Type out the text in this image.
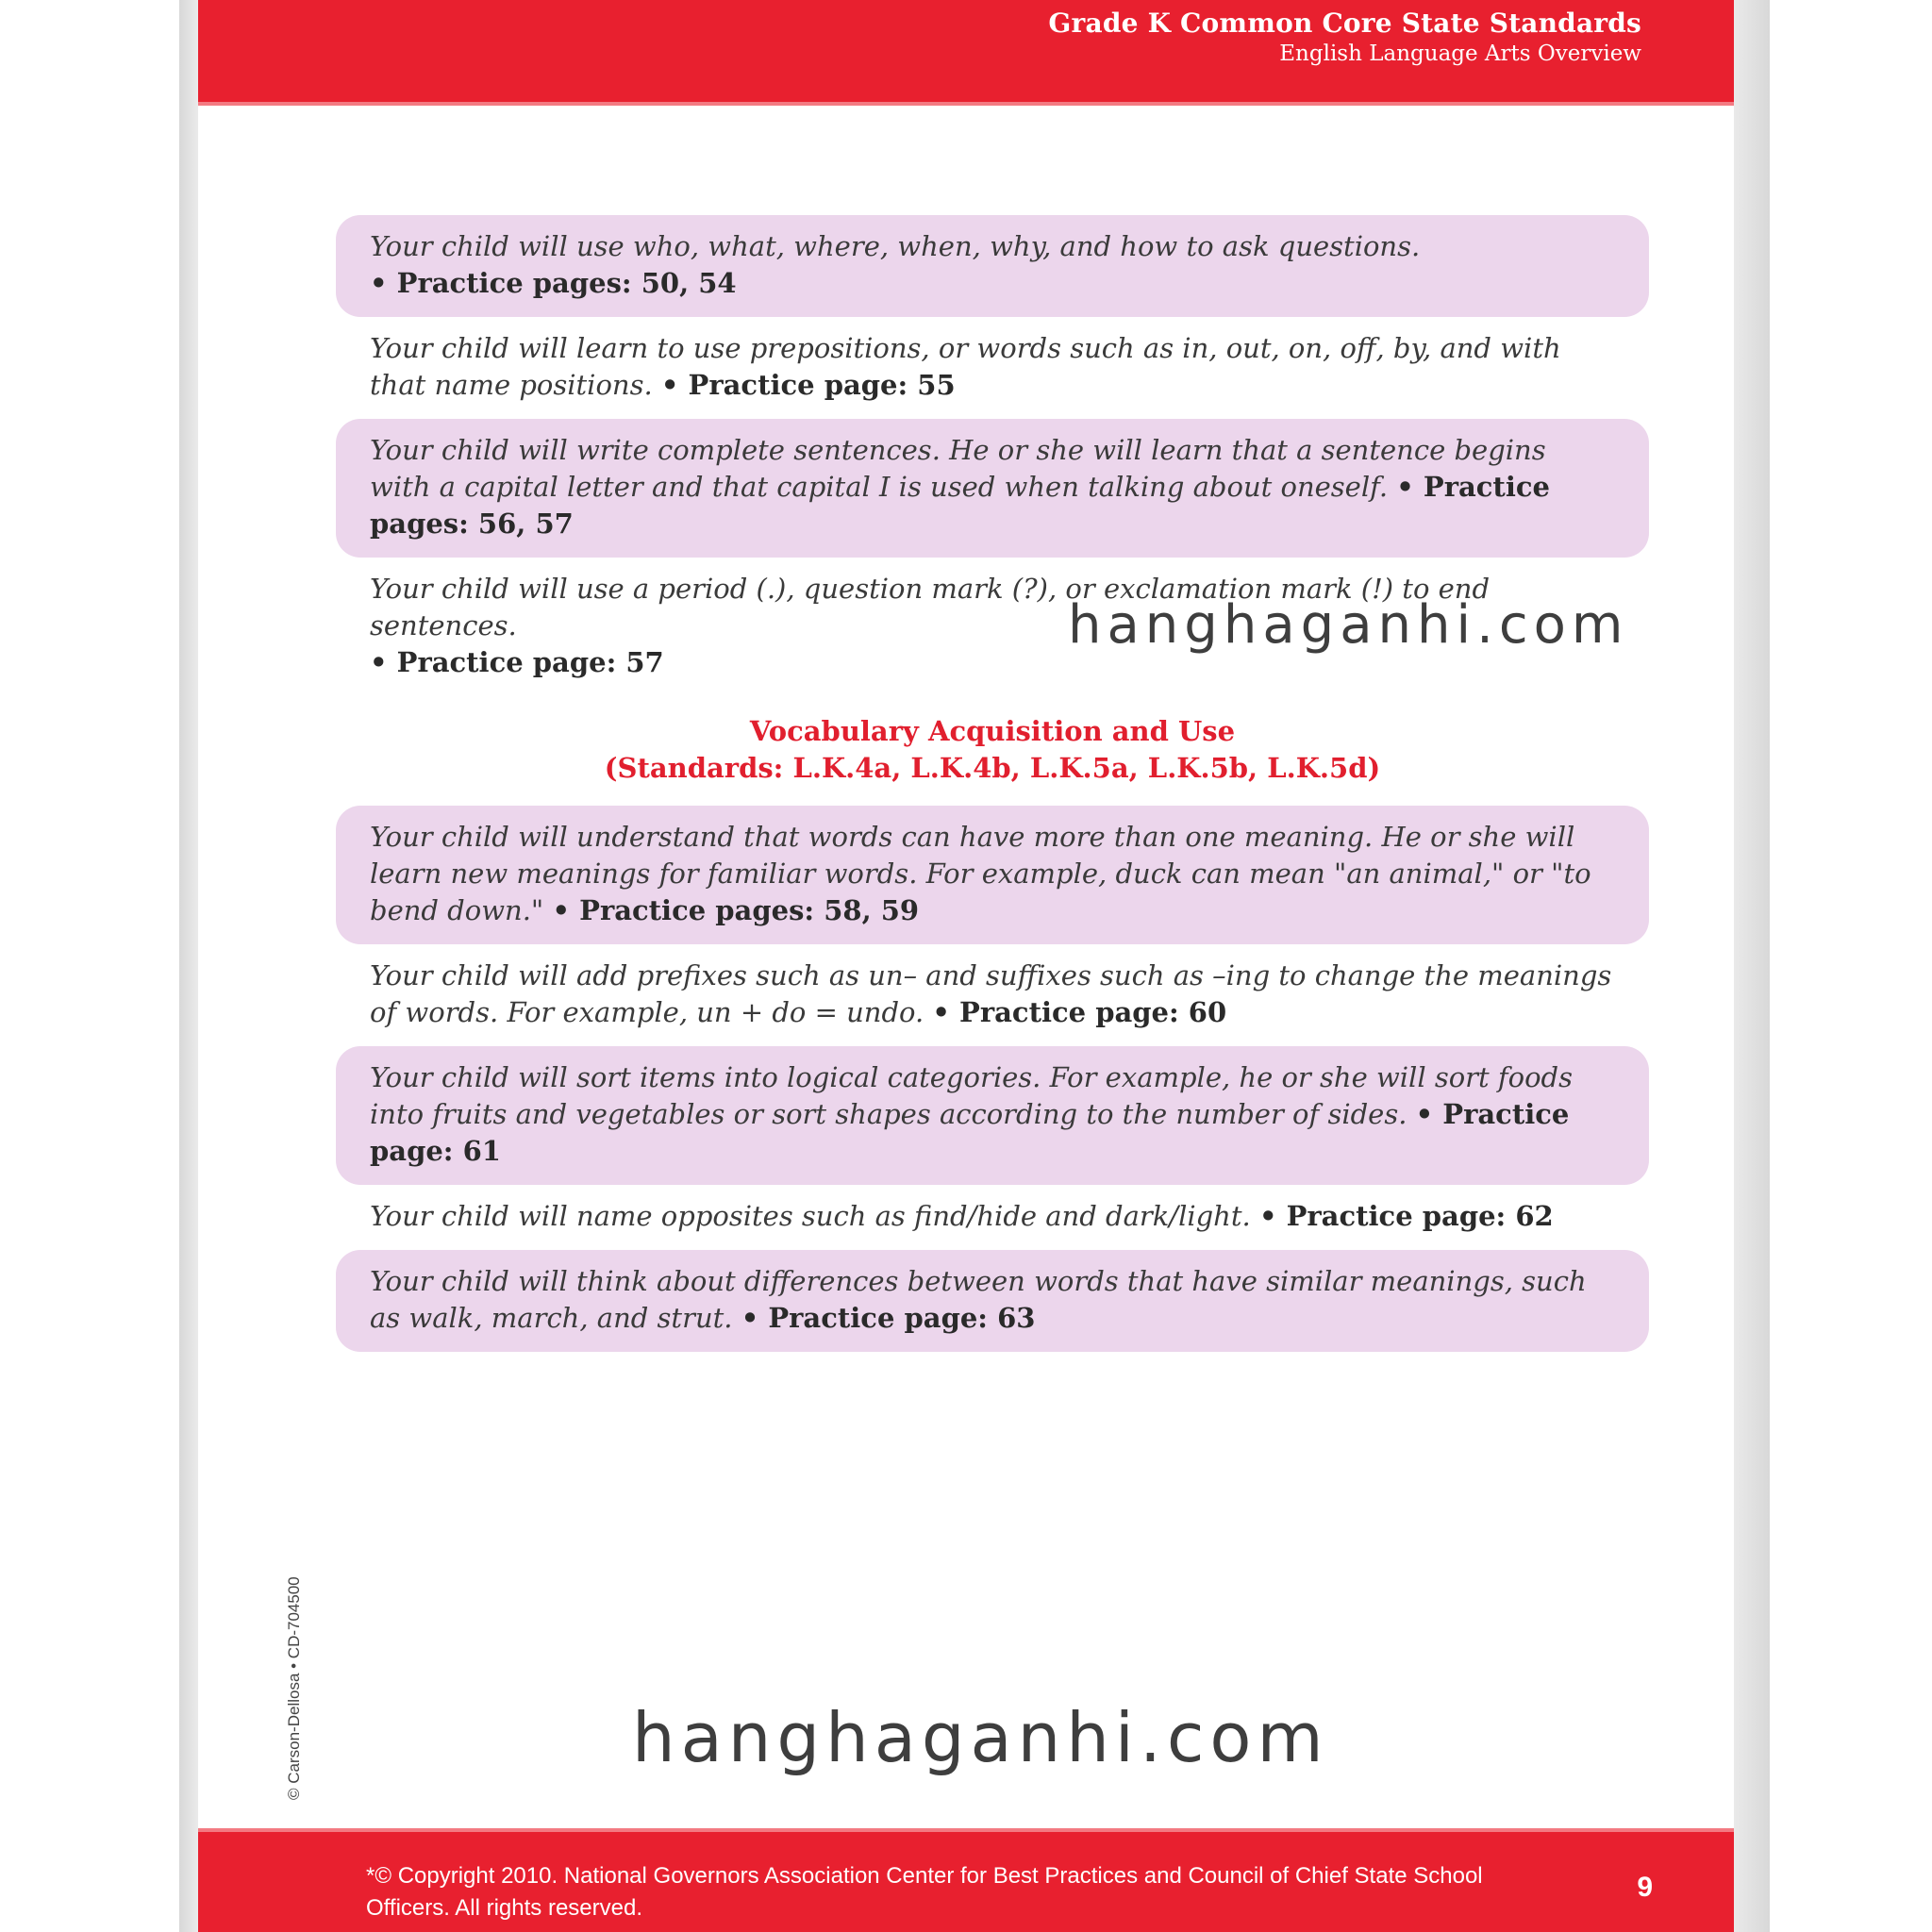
Grade K Common Core State Standards
English Language Arts Overview
Your child will use who, what, where, when, why, and how to ask questions.
• Practice pages: 50, 54
Your child will learn to use prepositions, or words such as in, out, on, off, by, and with that name positions. • Practice page: 55
Your child will write complete sentences. He or she will learn that a sentence begins with a capital letter and that capital I is used when talking about oneself. • Practice pages: 56, 57
Your child will use a period (.), question mark (?), or exclamation mark (!) to end sentences.
• Practice page: 57
Vocabulary Acquisition and Use
(Standards: L.K.4a, L.K.4b, L.K.5a, L.K.5b, L.K.5d)
Your child will understand that words can have more than one meaning. He or she will learn new meanings for familiar words. For example, duck can mean "an animal," or "to bend down." • Practice pages: 58, 59
Your child will add prefixes such as un– and suffixes such as –ing to change the meanings of words. For example, un + do = undo. • Practice page: 60
Your child will sort items into logical categories. For example, he or she will sort foods into fruits and vegetables or sort shapes according to the number of sides. • Practice page: 61
Your child will name opposites such as find/hide and dark/light. • Practice page: 62
Your child will think about differences between words that have similar meanings, such as walk, march, and strut. • Practice page: 63
© Carson-Dellosa • CD-704500
*© Copyright 2010. National Governors Association Center for Best Practices and Council of Chief State School Officers. All rights reserved.
9
hanghaganhi.com
hanghaganhi.com
